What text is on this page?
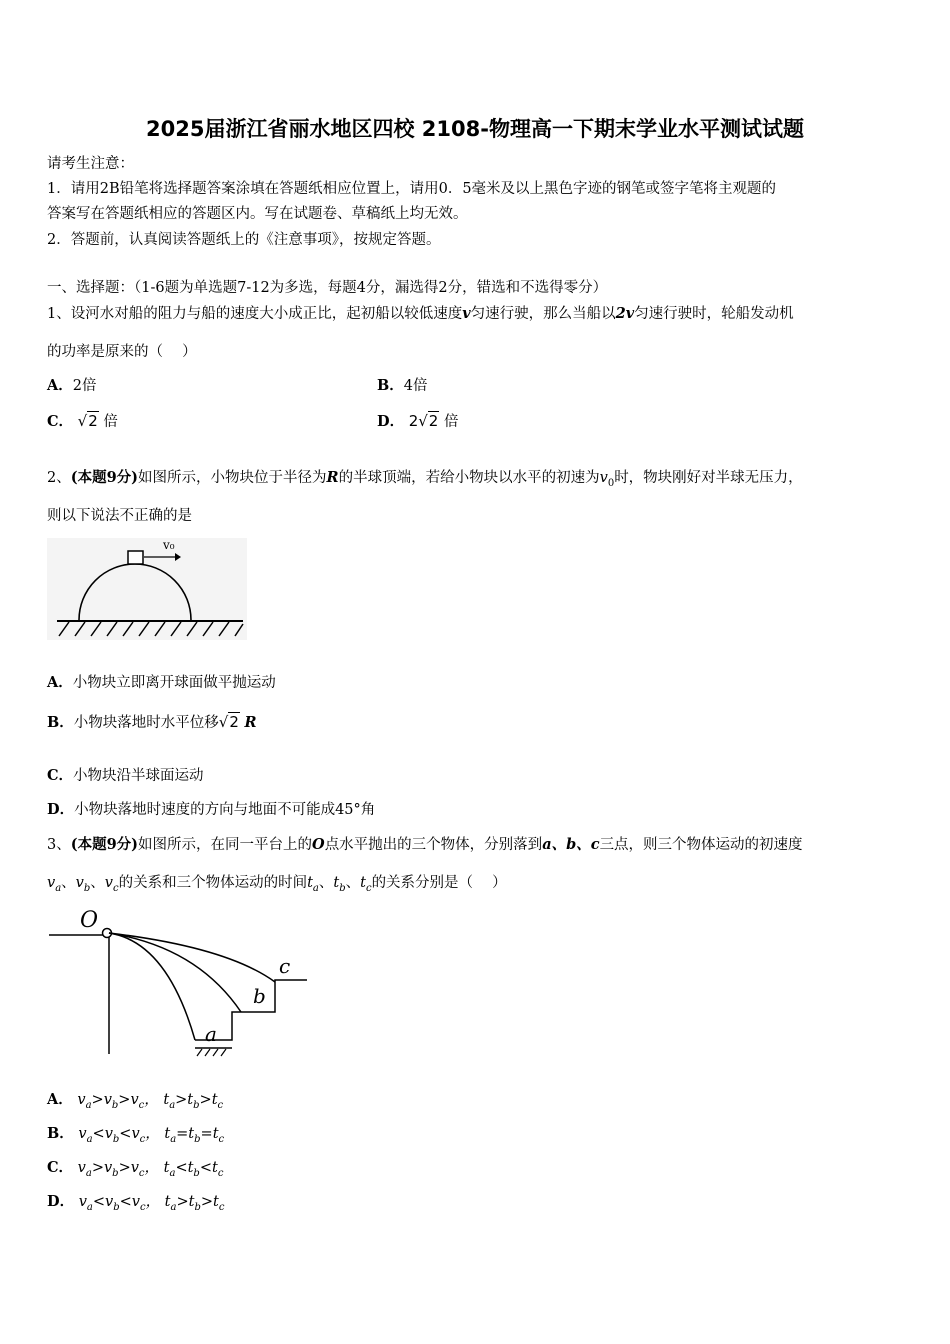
2025届浙江省丽水地区四校 2108-物理高一下期末学业水平测试试题
请考生注意：
1．请用2B铅笔将选择题答案涂填在答题纸相应位置上，请用0．5毫米及以上黑色字迹的钢笔或签字笔将主观题的
答案写在答题纸相应的答题区内。写在试题卷、草稿纸上均无效。
2．答题前，认真阅读答题纸上的《注意事项》，按规定答题。
一、选择题：（1-6题为单选题7-12为多选，每题4分，漏选得2分，错选和不选得零分）
1、设河水对船的阻力与船的速度大小成正比，起初船以较低速度v匀速行驶，那么当船以2v匀速行驶时，轮船发动机
的功率是原来的（　 ）
A．2倍	B．4倍
C． √2 倍	D． 2√2 倍
2、(本题9分)如图所示，小物块位于半径为R的半球顶端，若给小物块以水平的初速为$v_0$时，物块刚好对半球无压力，
则以下说法不正确的是
v₀
A．小物块立即离开球面做平抛运动
B．小物块落地时水平位移√2 R
C．小物块沿半球面运动
D．小物块落地时速度的方向与地面不可能成45°角
3、(本题9分)如图所示，在同一平台上的O点水平抛出的三个物体，分别落到a、b、c三点，则三个物体运动的初速度
$v_a$、$v_b$、$v_c$的关系和三个物体运动的时间$t_a$、$t_b$、$t_c$的关系分别是（　 ）
O
a
b
c
A． $v_a>v_b>v_c$， $t_a>t_b>t_c$
B． $v_a<v_b<v_c$， $t_a=t_b=t_c$
C． $v_a>v_b>v_c$， $t_a<t_b<t_c$
D． $v_a<v_b<v_c$， $t_a>t_b>t_c$
